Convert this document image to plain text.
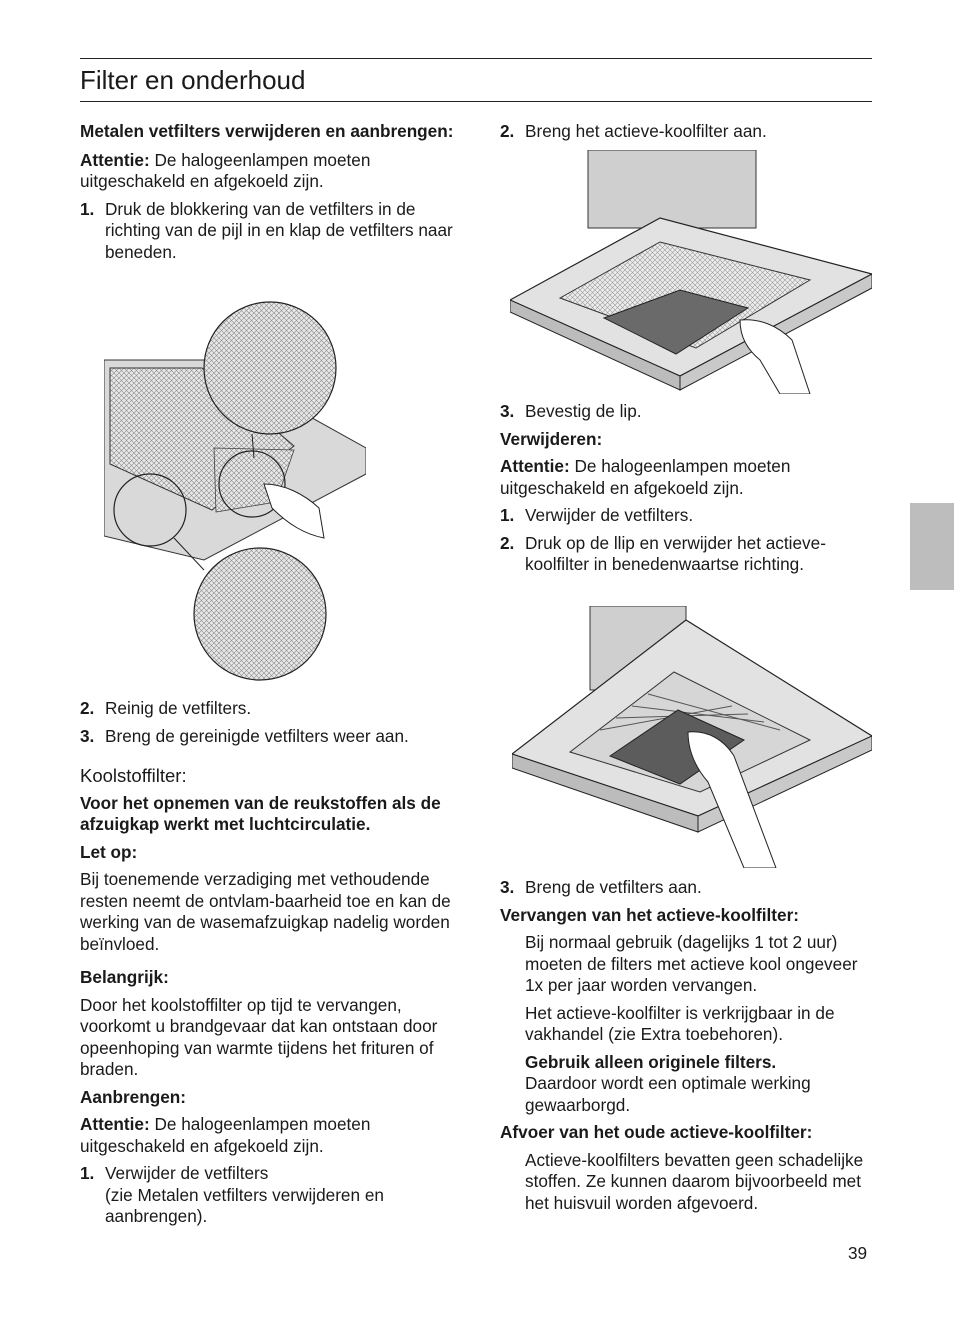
Filter en onderhoud

Metalen vetfilters verwijderen en aanbrengen:

Attentie: De halogeenlampen moeten uitgeschakeld en afgekoeld zijn.

1. Druk de blokkering van de vetfilters in de richting van de pijl in en klap de vetfilters naar beneden.
2. Reinig de vetfilters.
3. Breng de gereinigde vetfilters weer aan.

Koolstoffilter:

Voor het opnemen van de reukstoffen als de afzuigkap werkt met luchtcirculatie.

Let op:

Bij toenemende verzadiging met vethoudende resten neemt de ontvlam-baarheid toe en kan de werking van de wasemafzuigkap nadelig worden beïnvloed.

Belangrijk:

Door het koolstoffilter op tijd te vervangen, voorkomt u brandgevaar dat kan ontstaan door opeenhoping van warmte tijdens het frituren of braden.

Aanbrengen:

Attentie: De halogeenlampen moeten uitgeschakeld en afgekoeld zijn.

1. Verwijder de vetfilters
(zie Metalen vetfilters verwijderen en aanbrengen).
2. Breng het actieve-koolfilter aan.
3. Bevestig de lip.

Verwijderen:

Attentie: De halogeenlampen moeten uitgeschakeld en afgekoeld zijn.

1. Verwijder de vetfilters.
2. Druk op de llip en verwijder het actieve-koolfilter in benedenwaartse richting.
3. Breng de vetfilters aan.

Vervangen van het actieve-koolfilter:

Bij normaal gebruik (dagelijks 1 tot 2 uur) moeten de filters met actieve kool ongeveer 1x per jaar worden vervangen.

Het actieve-koolfilter is verkrijgbaar in de vakhandel (zie Extra toebehoren).

Gebruik alleen originele filters.
Daardoor wordt een optimale werking gewaarborgd.

Afvoer van het oude actieve-koolfilter:

Actieve-koolfilters bevatten geen schadelijke stoffen. Ze kunnen daarom bijvoorbeeld met het huisvuil worden afgevoerd.

39
